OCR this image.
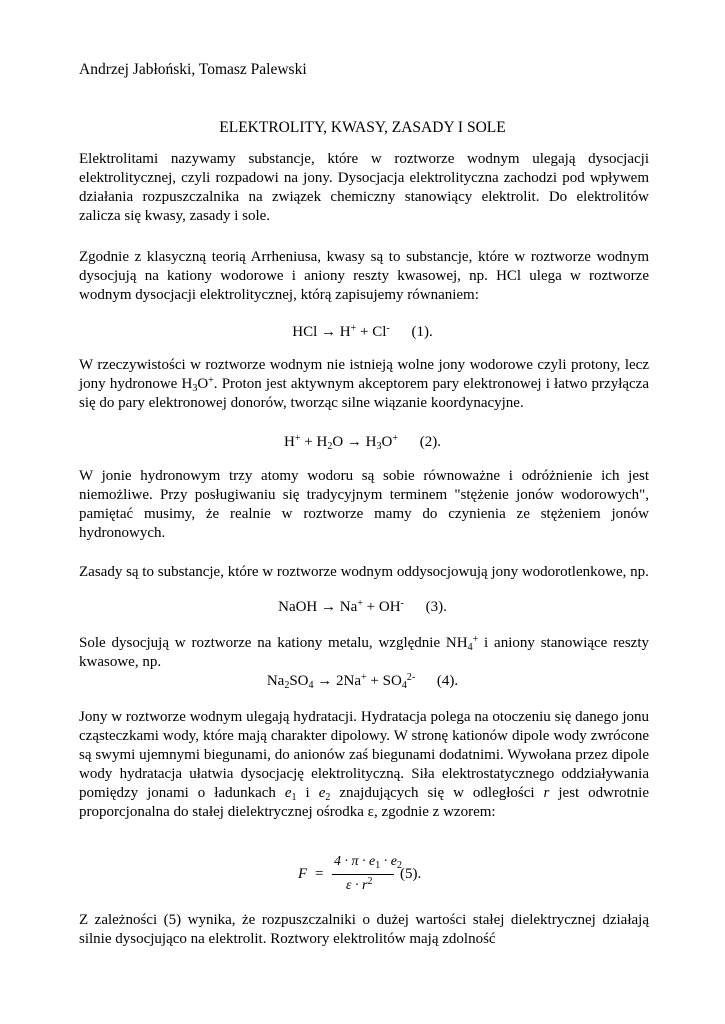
Andrzej Jabłoński, Tomasz Palewski
ELEKTROLITY, KWASY, ZASADY I SOLE
Elektrolitami nazywamy substancje, które w roztworze wodnym ulegają dysocjacji elektrolitycznej, czyli rozpadowi na jony. Dysocjacja elektrolityczna zachodzi pod wpływem działania rozpuszczalnika na związek chemiczny stanowiący elektrolit. Do elektrolitów zalicza się kwasy, zasady i sole.
Zgodnie z klasyczną teorią Arrheniusa, kwasy są to substancje, które w roztworze wodnym dysocjują na kationy wodorowe i aniony reszty kwasowej, np. HCl ulega w roztworze wodnym dysocjacji elektrolitycznej, którą zapisujemy równaniem:
HCl → H+ + Cl- (1).
W rzeczywistości w roztworze wodnym nie istnieją wolne jony wodorowe czyli protony, lecz jony hydronowe $H_3O^+$. Proton jest aktywnym akceptorem pary elektronowej i łatwo przyłącza się do pary elektronowej donorów, tworząc silne wiązanie koordynacyjne.
$H^+ + H_2O \to H_3O^+$ (2).
W jonie hydronowym trzy atomy wodoru są sobie równoważne i odróżnienie ich jest niemożliwe. Przy posługiwaniu się tradycyjnym terminem "stężenie jonów wodorowych", pamiętać musimy, że realnie w roztworze mamy do czynienia ze stężeniem jonów hydronowych.
Zasady są to substancje, które w roztworze wodnym oddysocjowują jony wodorotlenkowe, np.
NaOH → Na+ + OH- (3).
Sole dysocjują w roztworze na kationy metalu, względnie $NH_4^+$ i aniony stanowiące reszty kwasowe, np.
$Na_2SO_4 \to 2Na^+ + SO_4^{2-}$ (4).
Jony w roztworze wodnym ulegają hydratacji. Hydratacja polega na otoczeniu się danego jonu cząsteczkami wody, które mają charakter dipolowy. W stronę kationów dipole wody zwrócone są swymi ujemnymi biegunami, do anionów zaś biegunami dodatnimi. Wywołana przez dipole wody hydratacja ułatwia dysocjację elektrolityczną. Siła elektrostatycznego oddziaływania pomiędzy jonami o ładunkach $e_1$ i $e_2$ znajdujących się w odległości r jest odwrotnie proporcjonalna do stałej dielektrycznej ośrodka ε, zgodnie z wzorem:
F =
$4 \cdot \pi \cdot e_1 \cdot e_2$
$\varepsilon \cdot r^2$ (5).
Z zależności (5) wynika, że rozpuszczalniki o dużej wartości stałej dielektrycznej działają silnie dysocjująco na elektrolit. Roztwory elektrolitów mają zdolność
